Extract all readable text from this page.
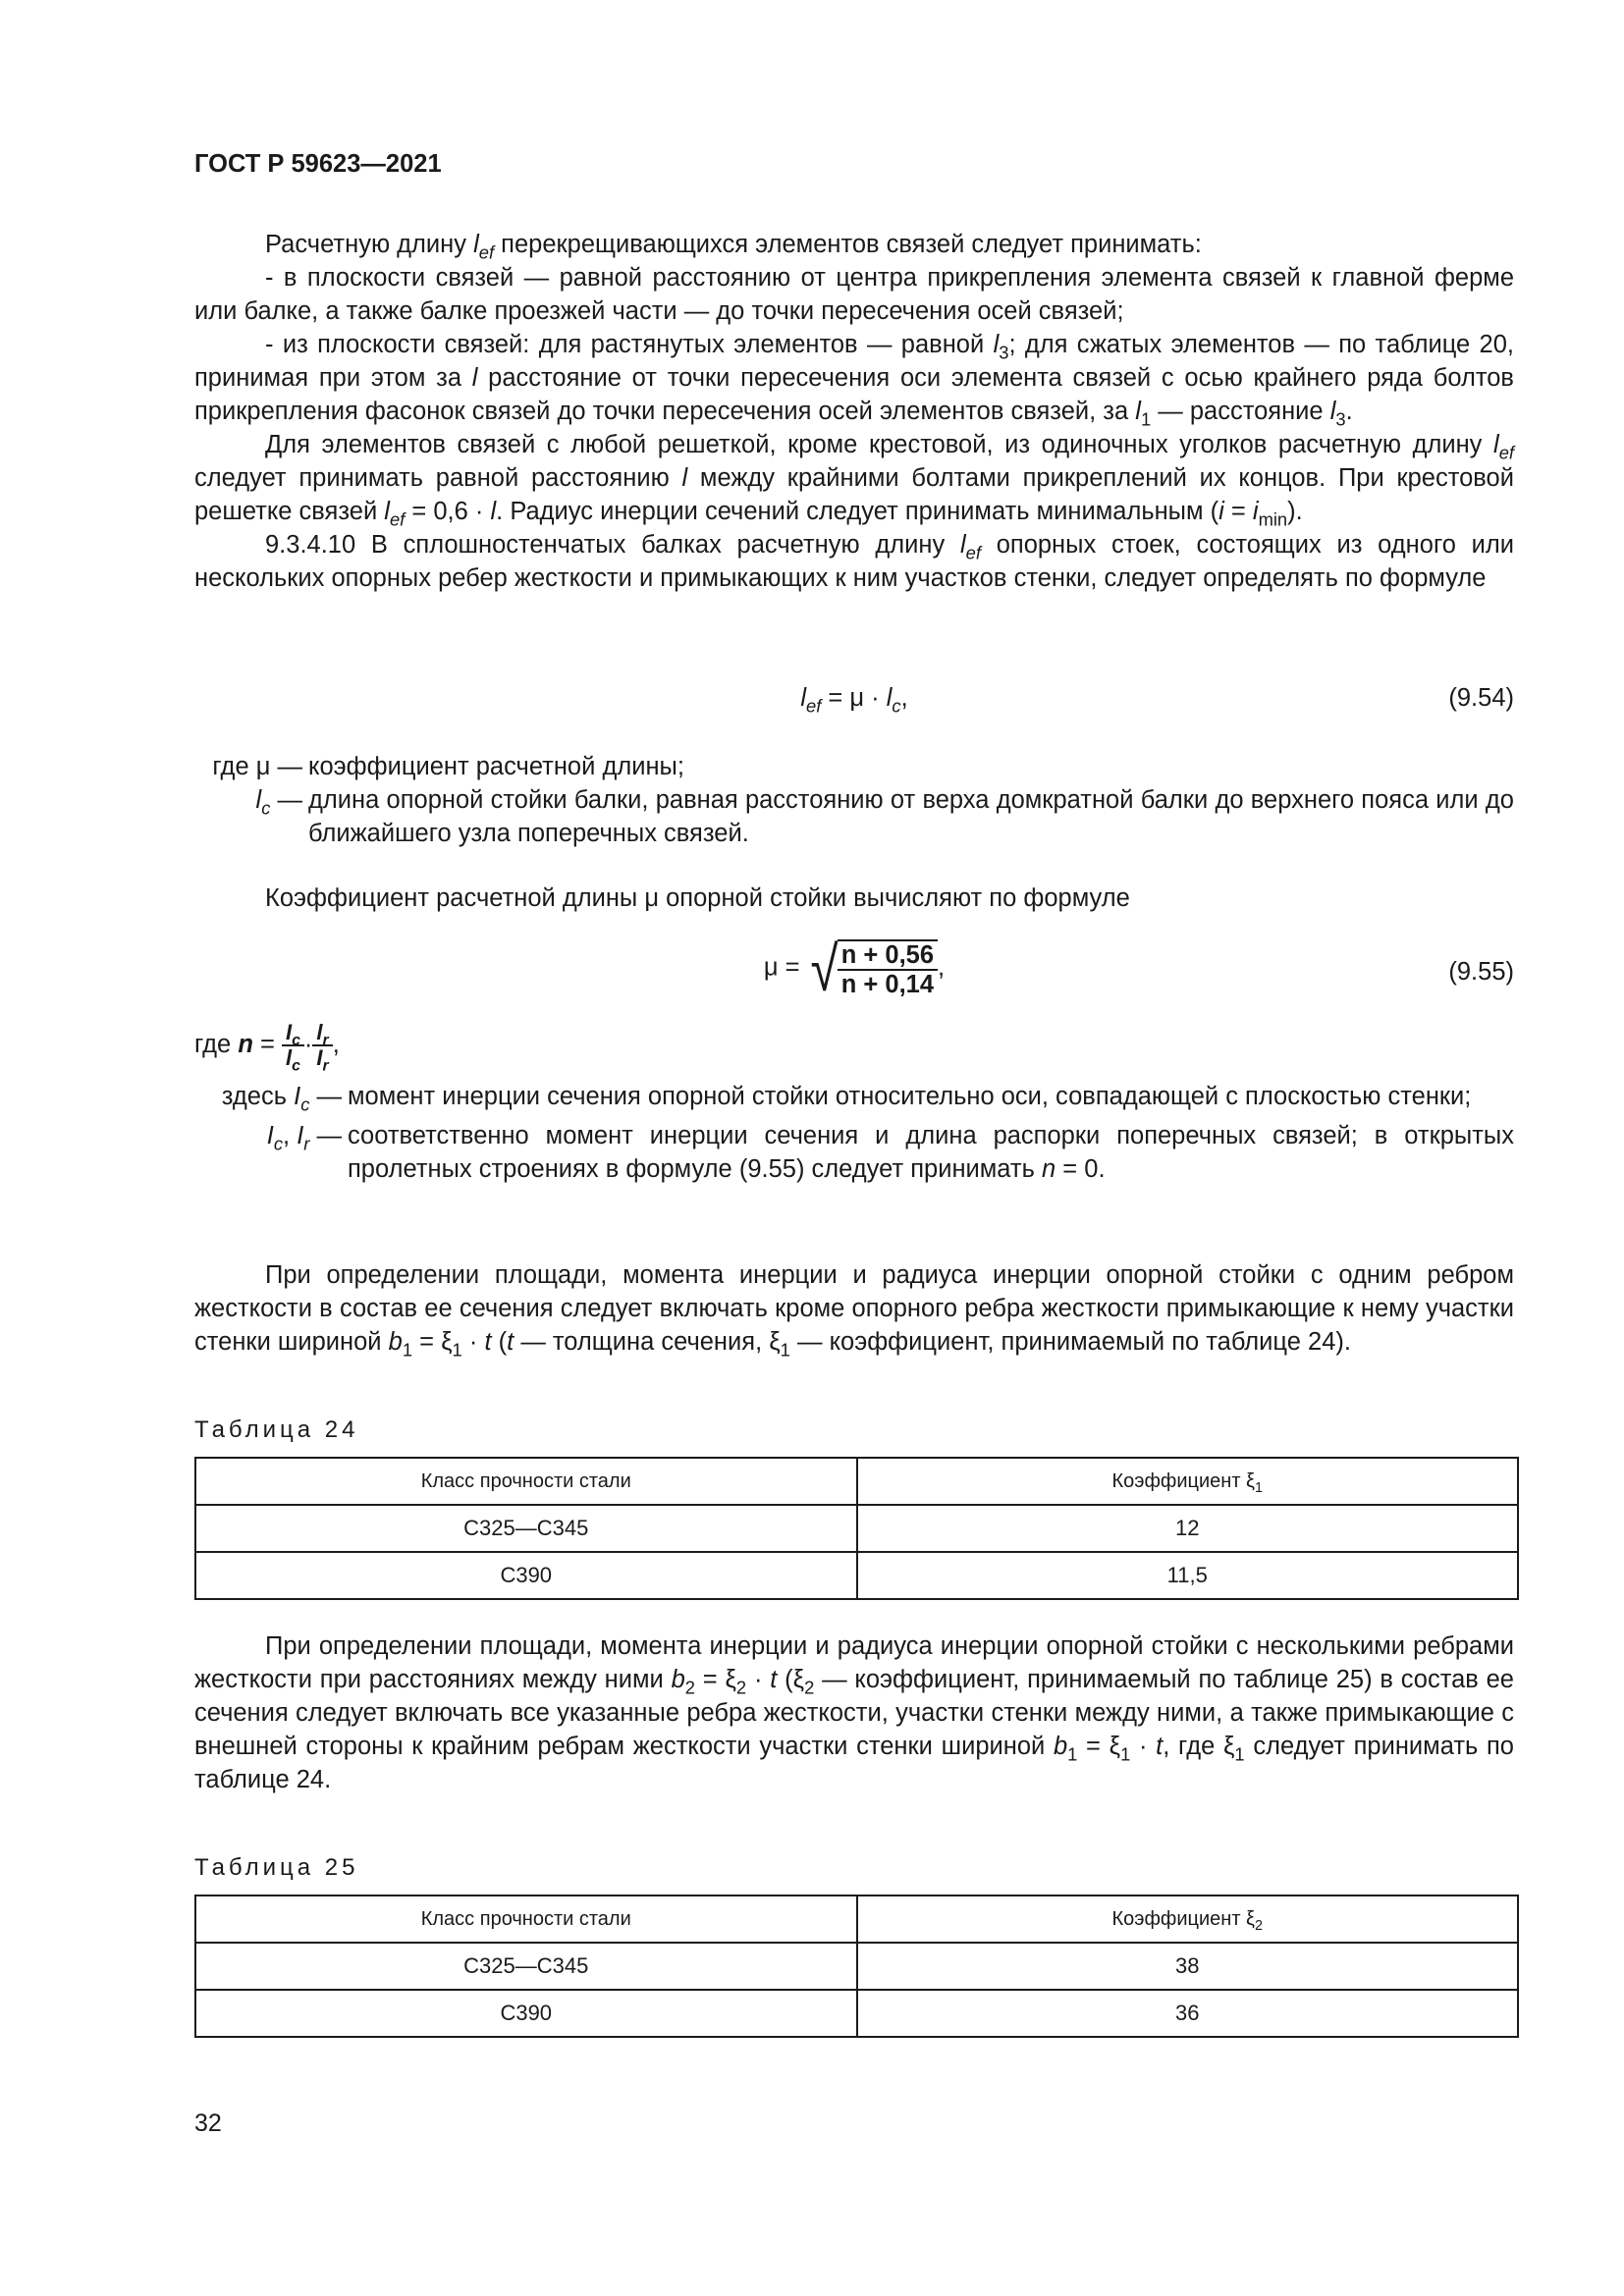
ГОСТ Р 59623—2021

Расчетную длину $l_{ef}$ перекрещивающихся элементов связей следует принимать:

- в плоскости связей — равной расстоянию от центра прикрепления элемента связей к главной ферме или балке, а также балке проезжей части — до точки пересечения осей связей;

- из плоскости связей: для растянутых элементов — равной $l_3$; для сжатых элементов — по таблице 20, принимая при этом за l расстояние от точки пересечения оси элемента связей с осью крайнего ряда болтов прикрепления фасонок связей до точки пересечения осей элементов связей, за $l_1$ — расстояние $l_3$.

Для элементов связей с любой решеткой, кроме крестовой, из одиночных уголков расчетную длину $l_{ef}$ следует принимать равной расстоянию l между крайними болтами прикреплений их концов. При крестовой решетке связей $l_{ef} = 0,6 \cdot l$. Радиус инерции сечений следует принимать минимальным $(i = i_{min})$.

9.3.4.10 В сплошностенчатых балках расчетную длину $l_{ef}$ опорных стоек, состоящих из одного или нескольких опорных ребер жесткости и примыкающих к ним участков стенки, следует определять по формуле

$l_{ef} = \mu \cdot l_c$,	(9.54)
где μ — коэффициент расчетной длины;
$l_c$ — длина опорной стойки балки, равная расстоянию от верха домкратной балки до верхнего пояса или до ближайшего узла поперечных связей.

Коэффициент расчетной длины μ опорной стойки вычисляют по формуле

μ = √ $\frac{n + 0,56}{n + 0,14}$ ,	(9.55)
где $n = \frac{I_c}{l_c} \cdot \frac{l_r}{I_r}$ ,
здесь $I_c$ — момент инерции сечения опорной стойки относительно оси, совпадающей с плоскостью стенки;
$I_c$, $I_r$ — соответственно момент инерции сечения и длина распорки поперечных связей; в открытых пролетных строениях в формуле (9.55) следует принимать n = 0.

При определении площади, момента инерции и радиуса инерции опорной стойки с одним ребром жесткости в состав ее сечения следует включать кроме опорного ребра жесткости примыкающие к нему участки стенки шириной $b_1 = \xi_1 \cdot t$ (t — толщина сечения, $\xi_1$ — коэффициент, принимаемый по таблице 24).

Таблица 24
Класс прочности стали	Коэффициент $\xi_1$
С325—С345	12
С390	11,5

При определении площади, момента инерции и радиуса инерции опорной стойки с несколькими ребрами жесткости при расстояниях между ними $b_2 = \xi_2 \cdot t$ ($\xi_2$ — коэффициент, принимаемый по таблице 25) в состав ее сечения следует включать все указанные ребра жесткости, участки стенки между ними, а также примыкающие с внешней стороны к крайним ребрам жесткости участки стенки шириной $b_1 = \xi_1 \cdot t$, где $\xi_1$ следует принимать по таблице 24.

Таблица 25
Класс прочности стали	Коэффициент $\xi_2$
С325—С345	38
С390	36
32
